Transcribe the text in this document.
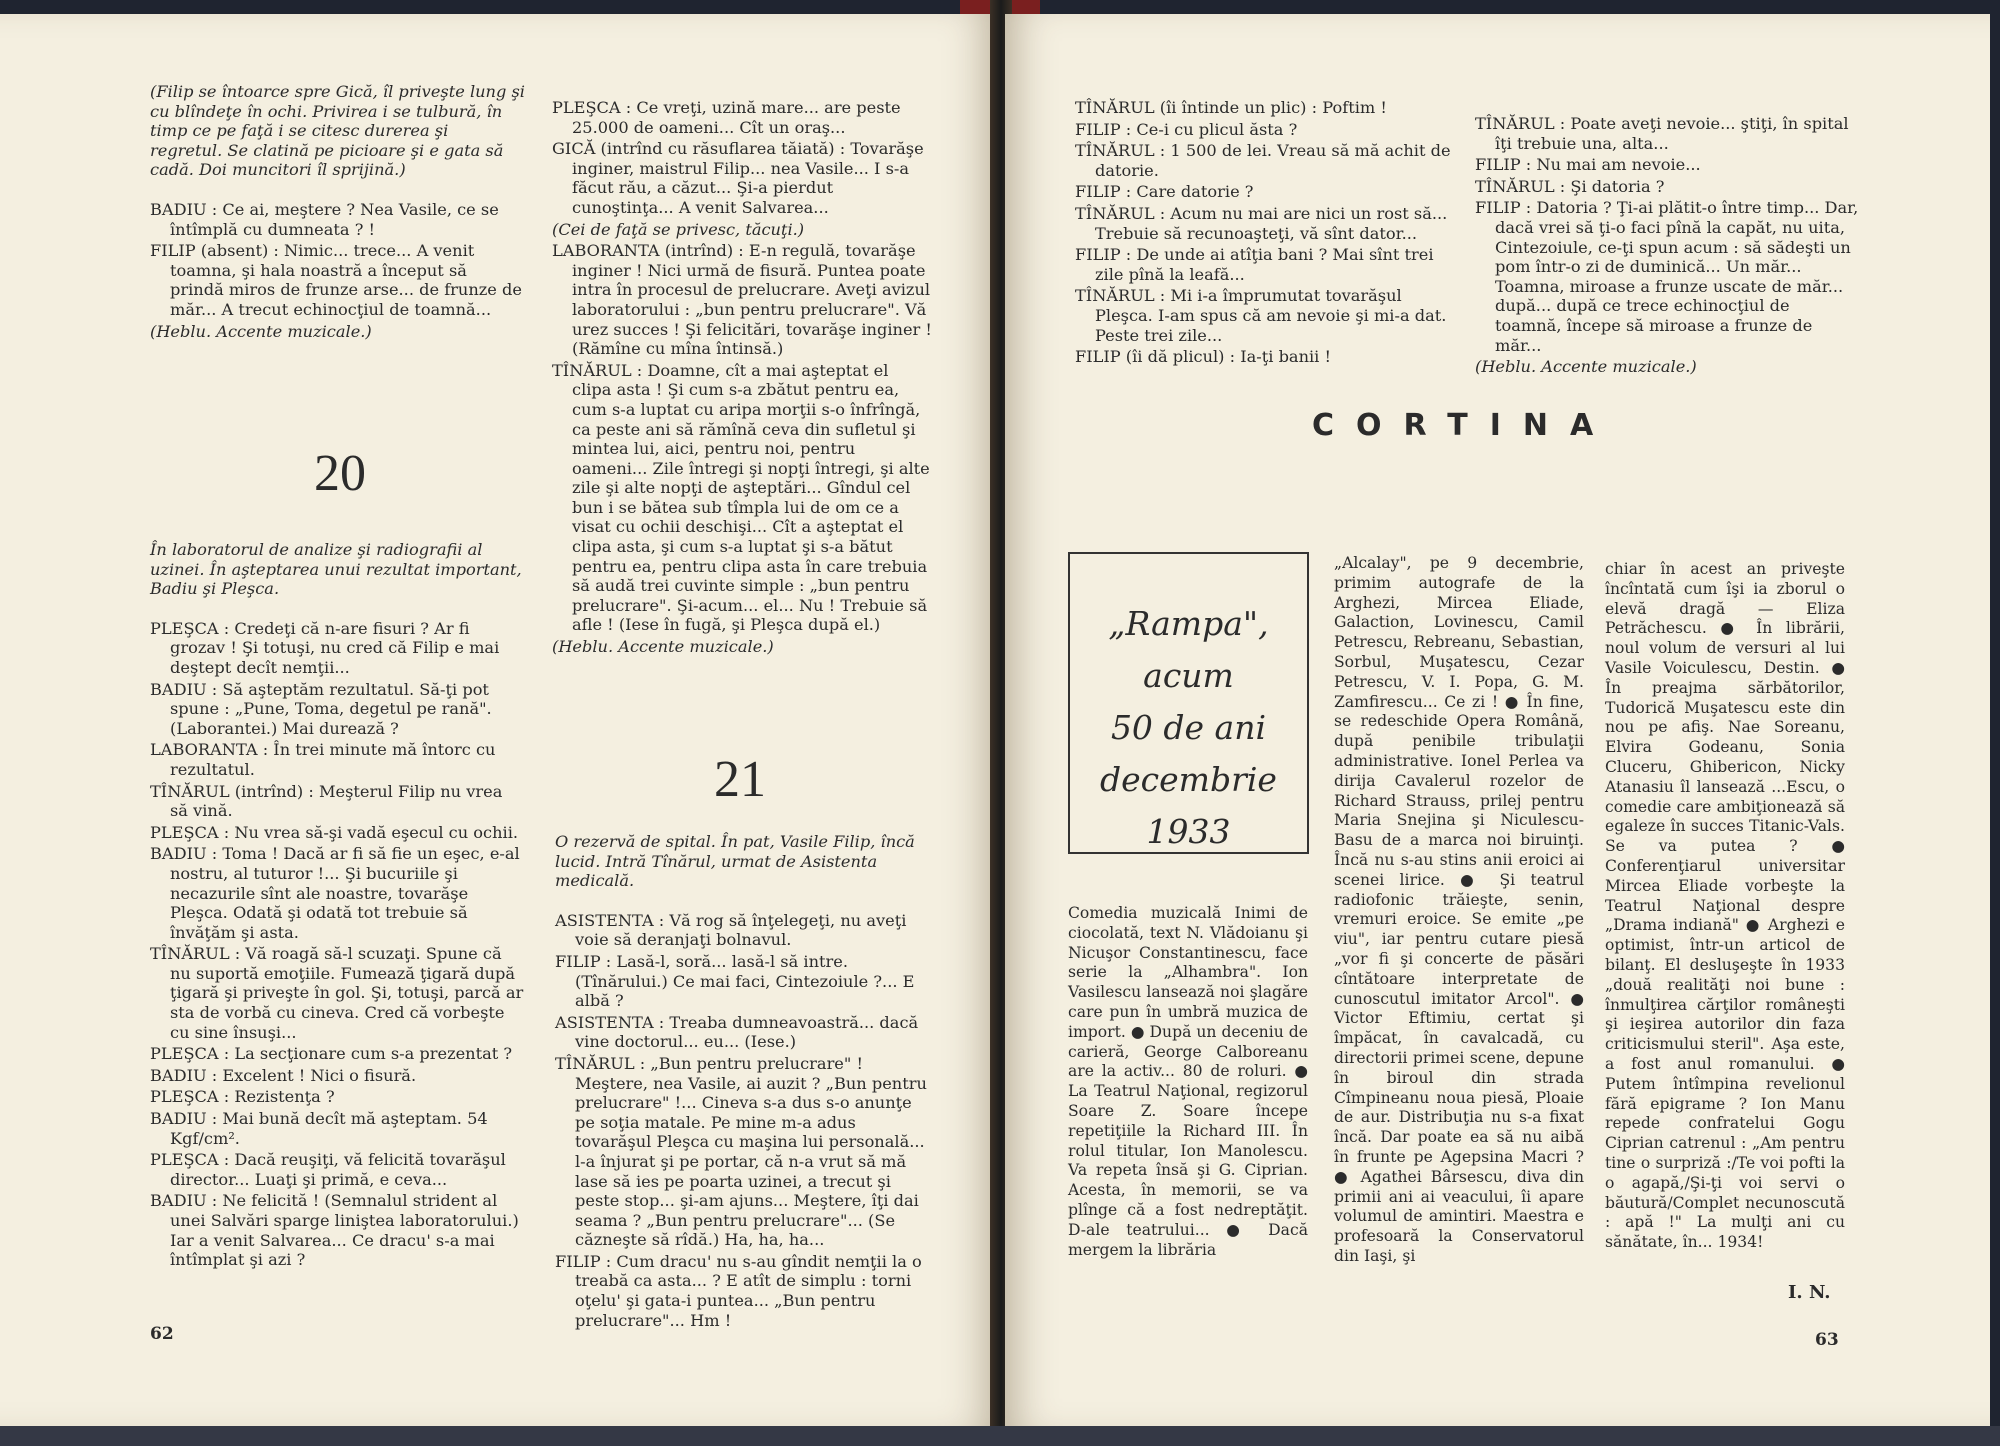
(Filip se întoarce spre Gică, îl priveşte lung şi cu blîndeţe în ochi. Privirea i se tulbură, în timp ce pe faţă i se citesc durerea şi regretul. Se clatină pe picioare şi e gata să cadă. Doi muncitori îl sprijină.)

BADIU : Ce ai, meştere ? Nea Vasile, ce se întîmplă cu dumneata ? !
FILIP (absent) : Nimic... trece... A venit toamna, şi hala noastră a început să prindă miros de frunze arse... de frunze de măr... A trecut echinocţiul de toamnă...

(Heblu. Accente muzicale.)

20

În laboratorul de analize şi radiografii al uzinei. În aşteptarea unui rezultat important, Badiu şi Pleşca.

PLEŞCA : Credeţi că n-are fisuri ? Ar fi grozav ! Şi totuşi, nu cred că Filip e mai deştept decît nemţii...
BADIU : Să aşteptăm rezultatul. Să-ţi pot spune : „Pune, Toma, degetul pe rană". (Laborantei.) Mai durează ?
LABORANTA : În trei minute mă întorc cu rezultatul.
TÎNĂRUL (intrînd) : Meşterul Filip nu vrea să vină.
PLEŞCA : Nu vrea să-şi vadă eşecul cu ochii.
BADIU : Toma ! Dacă ar fi să fie un eşec, e-al nostru, al tuturor !... Şi bucuriile şi necazurile sînt ale noastre, tovarăşe Pleşca. Odată şi odată tot trebuie să învăţăm şi asta.
TÎNĂRUL : Vă roagă să-l scuzaţi. Spune că nu suportă emoţiile. Fumează ţigară după ţigară şi priveşte în gol. Şi, totuşi, parcă ar sta de vorbă cu cineva. Cred că vorbeşte cu sine însuşi...
PLEŞCA : La secţionare cum s-a prezentat ?
BADIU : Excelent ! Nici o fisură.
PLEŞCA : Rezistenţa ?
BADIU : Mai bună decît mă aşteptam. 54 Kgf/cm².
PLEŞCA : Dacă reuşiţi, vă felicită tovarăşul director... Luaţi şi primă, e ceva...
BADIU : Ne felicită ! (Semnalul strident al unei Salvări sparge liniştea laboratorului.) Iar a venit Salvarea... Ce dracu' s-a mai întîmplat şi azi ?
PLEŞCA : Ce vreţi, uzină mare... are peste 25.000 de oameni... Cît un oraş...
GICĂ (intrînd cu răsuflarea tăiată) : Tovarăşe inginer, maistrul Filip... nea Vasile... I s-a făcut rău, a căzut... Şi-a pierdut cunoştinţa... A venit Salvarea...

(Cei de faţă se privesc, tăcuţi.)

LABORANTA (intrînd) : E-n regulă, tovarăşe inginer ! Nici urmă de fisură. Puntea poate intra în procesul de prelucrare. Aveţi avizul laboratorului : „bun pentru prelucrare". Vă urez succes ! Şi felicitări, tovarăşe inginer ! (Rămîne cu mîna întinsă.)
TÎNĂRUL : Doamne, cît a mai aşteptat el clipa asta ! Şi cum s-a zbătut pentru ea, cum s-a luptat cu aripa morţii s-o înfrîngă, ca peste ani să rămînă ceva din sufletul şi mintea lui, aici, pentru noi, pentru oameni... Zile întregi şi nopţi întregi, şi alte zile şi alte nopţi de aşteptări... Gîndul cel bun i se bătea sub tîmpla lui de om ce a visat cu ochii deschişi... Cît a aşteptat el clipa asta, şi cum s-a luptat şi s-a bătut pentru ea, pentru clipa asta în care trebuia să audă trei cuvinte simple : „bun pentru prelucrare". Şi-acum... el... Nu ! Trebuie să afle ! (Iese în fugă, şi Pleşca după el.)

(Heblu. Accente muzicale.)

21

O rezervă de spital. În pat, Vasile Filip, încă lucid. Intră Tînărul, urmat de Asistenta medicală.

ASISTENTA : Vă rog să înţelegeţi, nu aveţi voie să deranjaţi bolnavul.
FILIP : Lasă-l, soră... lasă-l să intre. (Tînărului.) Ce mai faci, Cintezoiule ?... E albă ?
ASISTENTA : Treaba dumneavoastră... dacă vine doctorul... eu... (Iese.)
TÎNĂRUL : „Bun pentru prelucrare" ! Meştere, nea Vasile, ai auzit ? „Bun pentru prelucrare" !... Cineva s-a dus s-o anunţe pe soţia matale. Pe mine m-a adus tovarăşul Pleşca cu maşina lui personală... l-a înjurat şi pe portar, că n-a vrut să mă lase să ies pe poarta uzinei, a trecut şi peste stop... şi-am ajuns... Meştere, îţi dai seama ? „Bun pentru prelucrare"... (Se căzneşte să rîdă.) Ha, ha, ha...
FILIP : Cum dracu' nu s-au gîndit nemţii la o treabă ca asta... ? E atît de simplu : torni oţelu' şi gata-i puntea... „Bun pentru prelucrare"... Hm !
62
TÎNĂRUL (îi întinde un plic) : Poftim !
FILIP : Ce-i cu plicul ăsta ?
TÎNĂRUL : 1 500 de lei. Vreau să mă achit de datorie.
FILIP : Care datorie ?
TÎNĂRUL : Acum nu mai are nici un rost să... Trebuie să recunoaşteţi, vă sînt dator...
FILIP : De unde ai atîţia bani ? Mai sînt trei zile pînă la leafă...
TÎNĂRUL : Mi i-a împrumutat tovarăşul Pleşca. I-am spus că am nevoie şi mi-a dat. Peste trei zile...
FILIP (îi dă plicul) : Ia-ţi banii !
TÎNĂRUL : Poate aveţi nevoie... ştiţi, în spital îţi trebuie una, alta...
FILIP : Nu mai am nevoie...
TÎNĂRUL : Şi datoria ?
FILIP : Datoria ? Ţi-ai plătit-o între timp... Dar, dacă vrei să ţi-o faci pînă la capăt, nu uita, Cintezoiule, ce-ţi spun acum : să sădeşti un pom într-o zi de duminică... Un măr... Toamna, miroase a frunze uscate de măr... după... după ce trece echinocţiul de toamnă, începe să miroase a frunze de măr...

(Heblu. Accente muzicale.)

CORTINA
„Rampa",
acum
50 de ani
decembrie
1933

Comedia muzicală Inimi de ciocolată, text N. Vlădoianu şi Nicuşor Constantinescu, face serie la „Alhambra". Ion Vasilescu lansează noi şlagăre care pun în umbră muzica de import. ● După un deceniu de carieră, George Calboreanu are la activ... 80 de roluri. ● La Teatrul Naţional, regizorul Soare Z. Soare începe repetiţiile la Richard III. În rolul titular, Ion Manolescu. Va repeta însă şi G. Ciprian. Acesta, în memorii, se va plînge că a fost nedreptăţit. D-ale teatrului... ● Dacă mergem la librăria

„Alcalay", pe 9 decembrie, primim autografe de la Arghezi, Mircea Eliade, Galaction, Lovinescu, Camil Petrescu, Rebreanu, Sebastian, Sorbul, Muşatescu, Cezar Petrescu, V. I. Popa, G. M. Zamfirescu... Ce zi ! ● În fine, se redeschide Opera Română, după penibile tribulaţii administrative. Ionel Perlea va dirija Cavalerul rozelor de Richard Strauss, prilej pentru Maria Snejina şi Niculescu-Basu de a marca noi biruinţi. Încă nu s-au stins anii eroici ai scenei lirice. ● Şi teatrul radiofonic trăieşte, senin, vremuri eroice. Se emite „pe viu", iar pentru cutare piesă „vor fi şi concerte de păsări cîntătoare interpretate de cunoscutul imitator Arcol". ● Victor Eftimiu, certat şi împăcat, în cavalcadă, cu directorii primei scene, depune în biroul din strada Cîmpineanu noua piesă, Ploaie de aur. Distribuţia nu s-a fixat încă. Dar poate ea să nu aibă în frunte pe Agepsina Macri ? ● Agathei Bârsescu, diva din primii ani ai veacului, îi apare volumul de amintiri. Maestra e profesoară la Conservatorul din Iaşi, şi

chiar în acest an priveşte încîntată cum îşi ia zborul o elevă dragă — Eliza Petrăchescu. ● În librării, noul volum de versuri al lui Vasile Voiculescu, Destin. ● În preajma sărbătorilor, Tudorică Muşatescu este din nou pe afiş. Nae Soreanu, Elvira Godeanu, Sonia Cluceru, Ghibericon, Nicky Atanasiu îl lansează ...Escu, o comedie care ambiţionează să egaleze în succes Titanic-Vals. Se va putea ? ● Conferenţiarul universitar Mircea Eliade vorbeşte la Teatrul Naţional despre „Drama indiană" ● Arghezi e optimist, într-un articol de bilanţ. El desluşeşte în 1933 „două realităţi noi bune : înmulţirea cărţilor româneşti şi ieşirea autorilor din faza criticismului steril". Aşa este, a fost anul romanului. ● Putem întîmpina revelionul fără epigrame ? Ion Manu repede confratelui Gogu Ciprian catrenul : „Am pentru tine o surpriză :/Te voi pofti la o agapă,/Şi-ţi voi servi o băutură/Complet necunoscută : apă !" La mulţi ani cu sănătate, în... 1934!

I. N.
63
